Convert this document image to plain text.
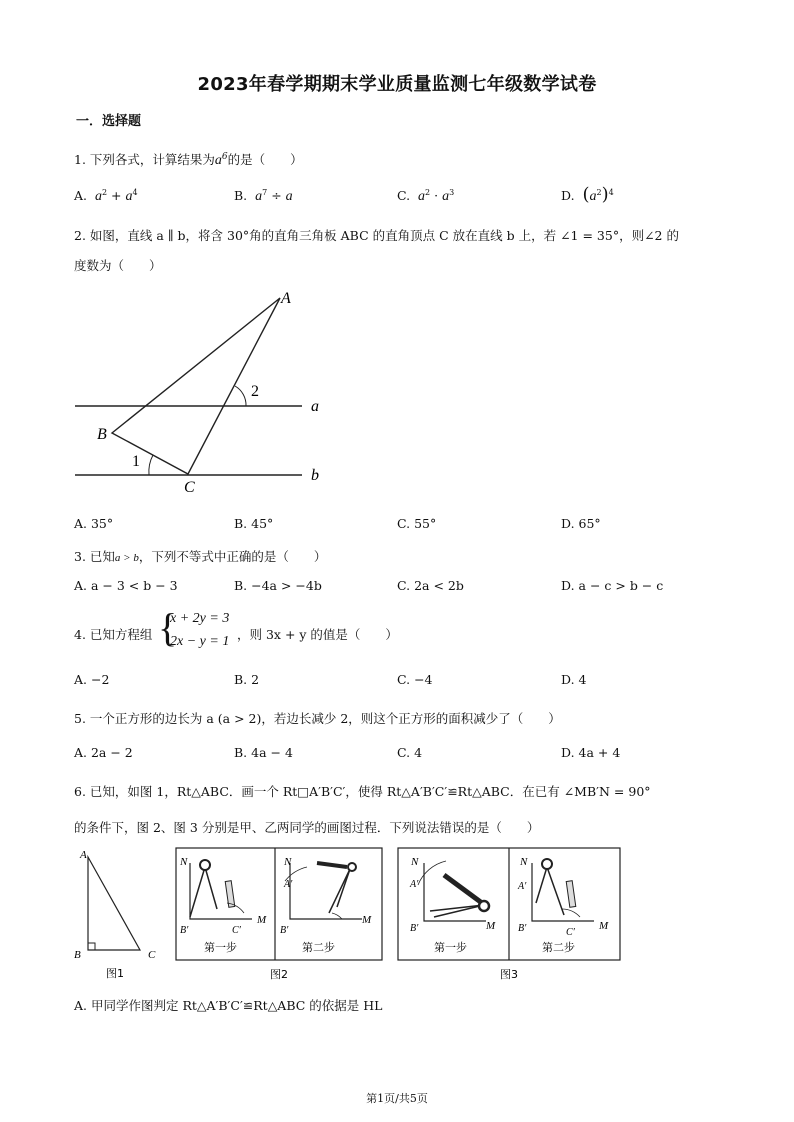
2023年春学期期末学业质量监测七年级数学试卷
一．选择题
1. 下列各式，计算结果为$a^6$的是（　　）
A. $a^2 + a^4$	B. $a^7 \div a$	C. $a^2 \cdot a^3$	D. $(a^2)^4$
2. 如图，直线 a ∥ b，将含 30°角的直角三角板 ABC 的直角顶点 C 放在直线 b 上，若 ∠1 = 35°，则∠2 的
度数为（　　）
A
B
C
a
b
1
2
A. 35°	B. 45°	C. 55°	D. 65°
3. 已知a > b，下列不等式中正确的是（　　）
A. a − 3 < b − 3	B. −4a > −4b	C. 2a < 2b	D. a − c > b − c
4. 已知方程组 {
x + 2y = 3
2x − y = 1 ，则 3x + y 的值是（　　）
A. −2	B. 2	C. −4	D. 4
5. 一个正方形的边长为 a (a > 2)，若边长减少 2，则这个正方形的面积减少了（　　）
A. 2a − 2	B. 4a − 4	C. 4	D. 4a + 4
6. 已知，如图 1，Rt△ABC．画一个 Rt□A′B′C′，使得 Rt△A′B′C′≌Rt△ABC．在已有 ∠MB′N = 90°
的条件下，图 2、图 3 分别是甲、乙两同学的画图过程．下列说法错误的是（　　）
A
B	C
图1
N
M
B′	C′
第一步
N
A′
M
B′
第二步
图2
N
A′
M
B′
第一步
N
A′
M
B′	C′
第二步
图3
A. 甲同学作图判定 Rt△A′B′C′≌Rt△ABC 的依据是 HL
第1页/共5页
